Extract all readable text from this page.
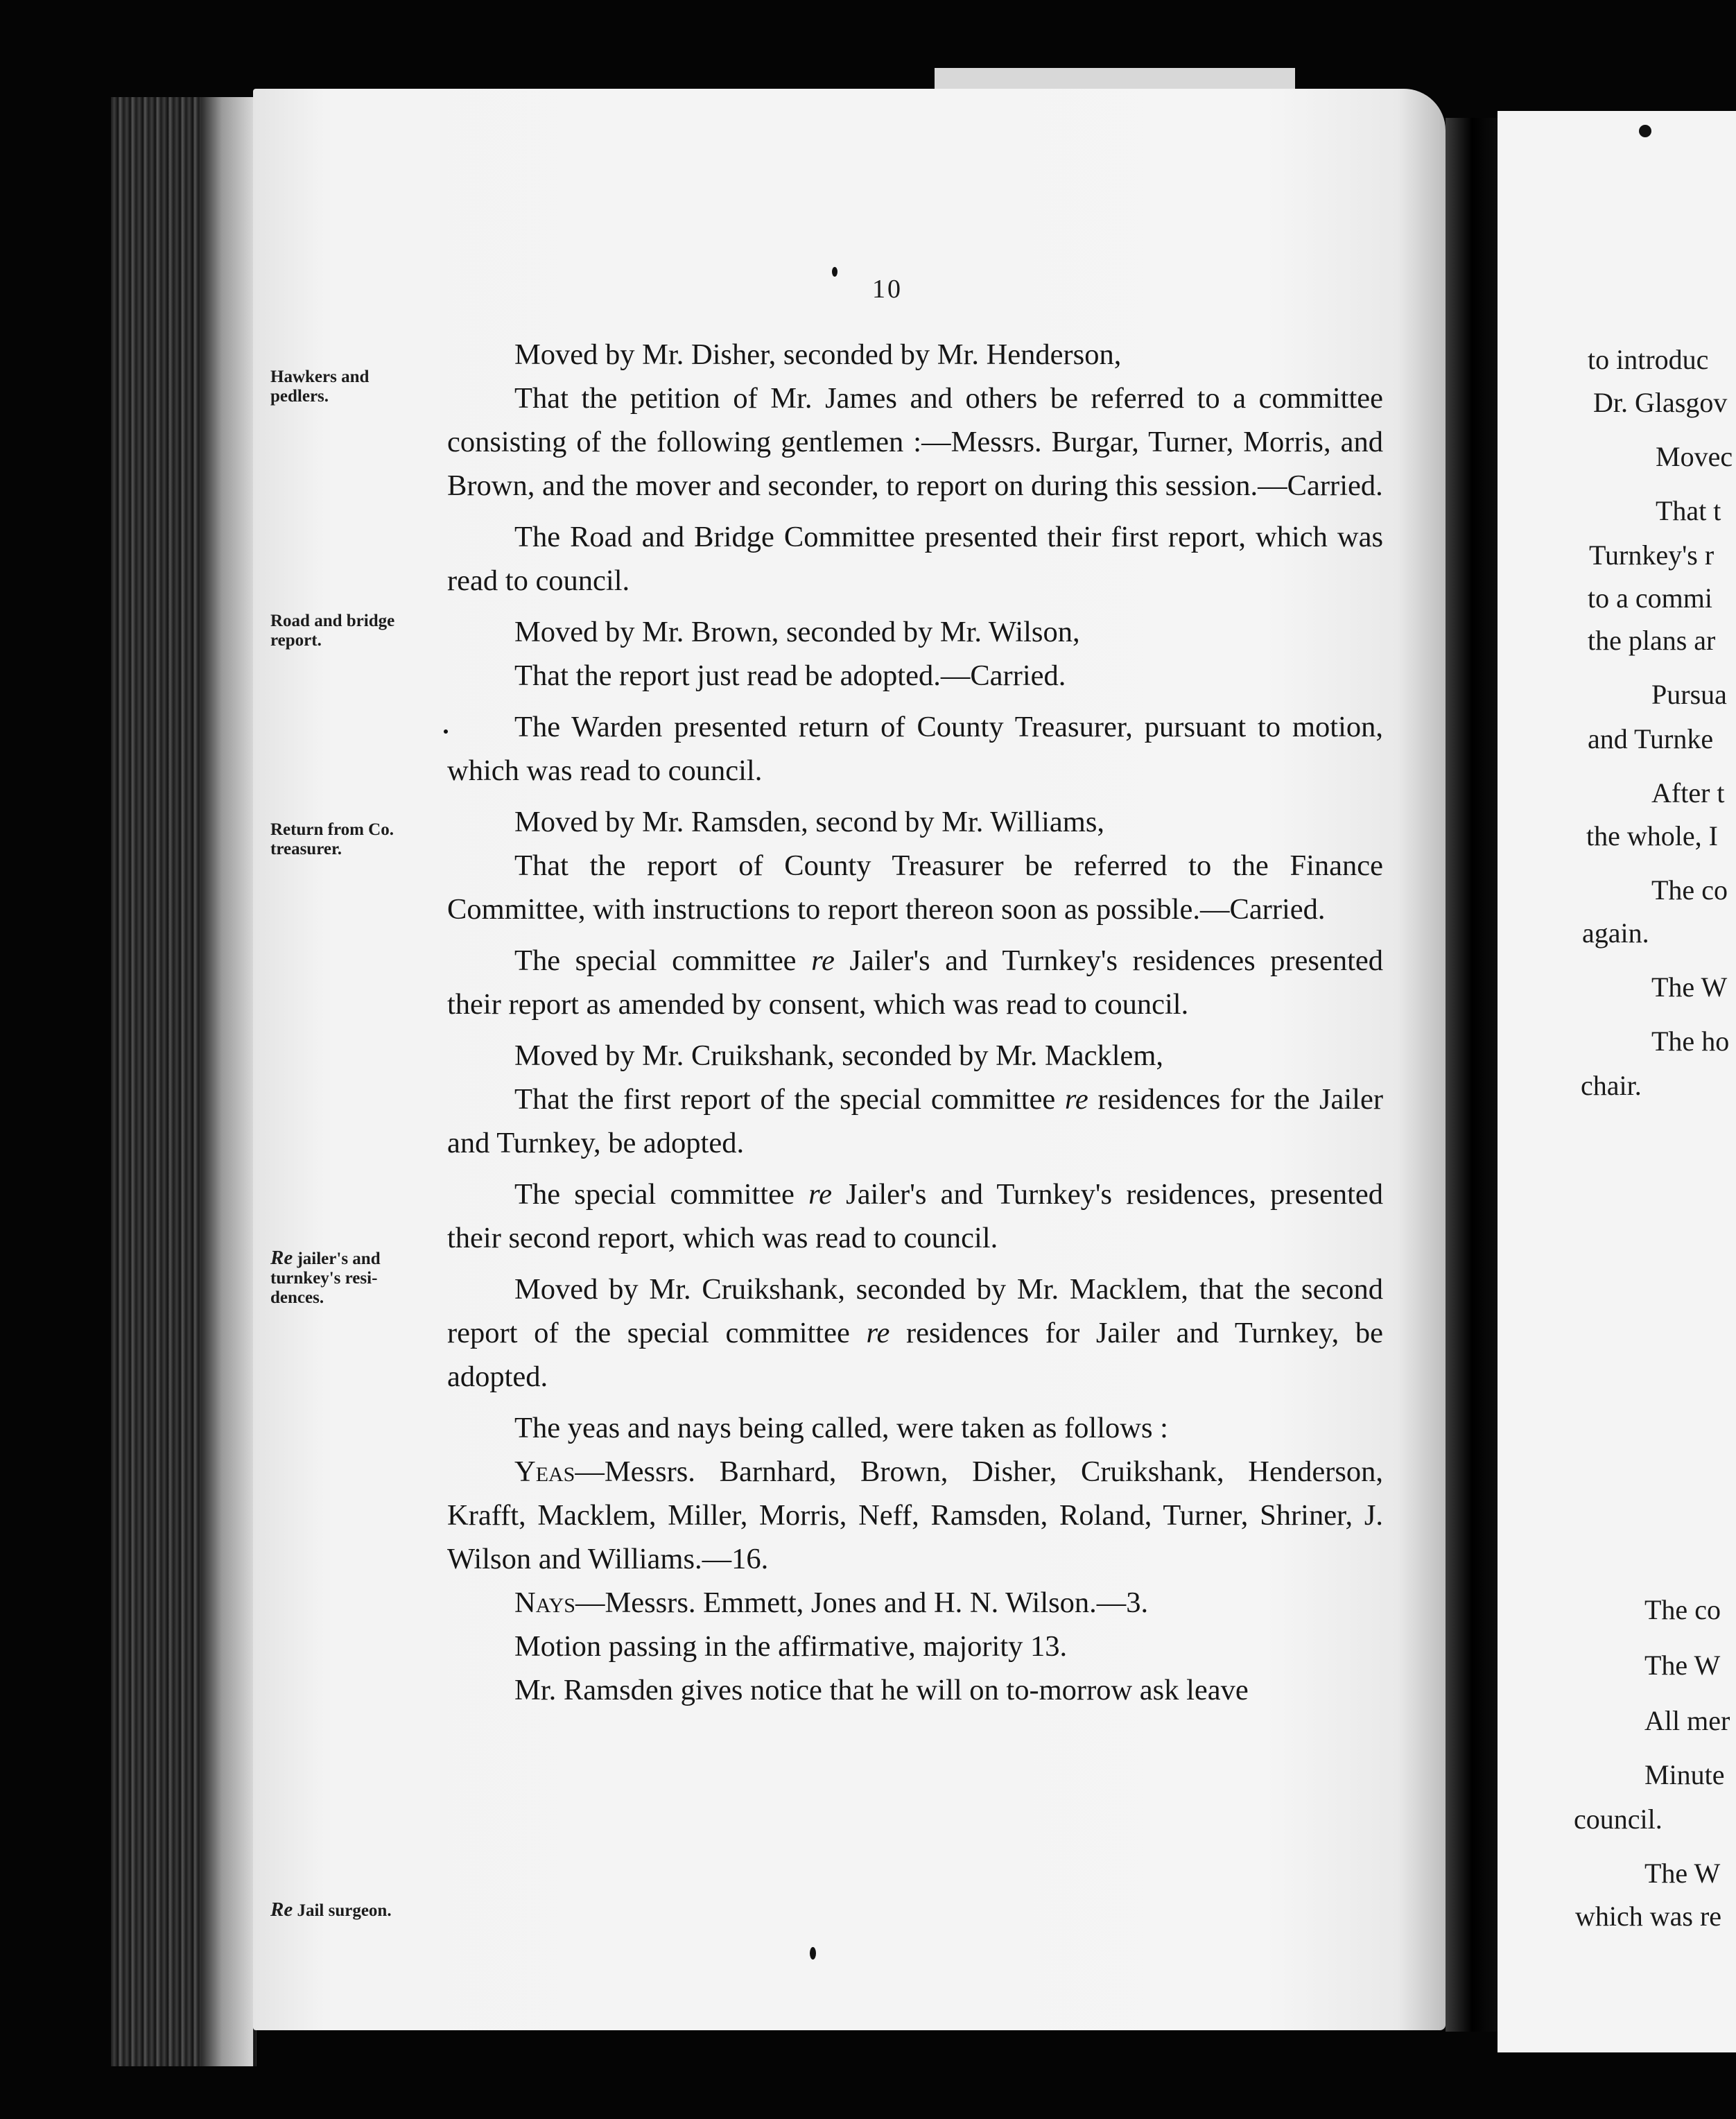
to introduc

Dr. Glasgov

Movec

That t

Turnkey's r

to a commi

the plans ar

Pursua

and Turnke

After t

the whole, I

The co

again.

The W

The ho

chair.

The co

The W

All mer

Minute

council.

The W

which was re

10
Hawkers and
pedlers.
Road and bridge
report.
Return from Co.
treasurer.
Re jailer's and
turnkey's resi-
dences.
Re Jail surgeon.

Moved by Mr. Disher, seconded by Mr. Henderson,

That the petition of Mr. James and others be referred to a committee consisting of the following gentlemen :—Messrs. Burgar, Turner, Morris, and Brown, and the mover and seconder, to report on during this session.—Carried.

The Road and Bridge Committee presented their first report, which was read to council.

Moved by Mr. Brown, seconded by Mr. Wilson,

That the report just read be adopted.—Carried.

The Warden presented return of County Treasurer, pursuant to motion, which was read to council.

Moved by Mr. Ramsden, second by Mr. Williams,

That the report of County Treasurer be referred to the Finance Committee, with instructions to report thereon soon as possible.—Carried.

The special committee re Jailer's and Turnkey's residences presented their report as amended by consent, which was read to council.

Moved by Mr. Cruikshank, seconded by Mr. Macklem,

That the first report of the special committee re residences for the Jailer and Turnkey, be adopted.

The special committee re Jailer's and Turnkey's residences, presented their second report, which was read to council.

Moved by Mr. Cruikshank, seconded by Mr. Macklem, that the second report of the special committee re residences for Jailer and Turnkey, be adopted.

The yeas and nays being called, were taken as follows :

Yeas—Messrs. Barnhard, Brown, Disher, Cruikshank, Henderson, Krafft, Macklem, Miller, Morris, Neff, Ramsden, Roland, Turner, Shriner, J. Wilson and Williams.—16.

Nays—Messrs. Emmett, Jones and H. N. Wilson.—3.

Motion passing in the affirmative, majority 13.

Mr. Ramsden gives notice that he will on to-morrow ask leave
